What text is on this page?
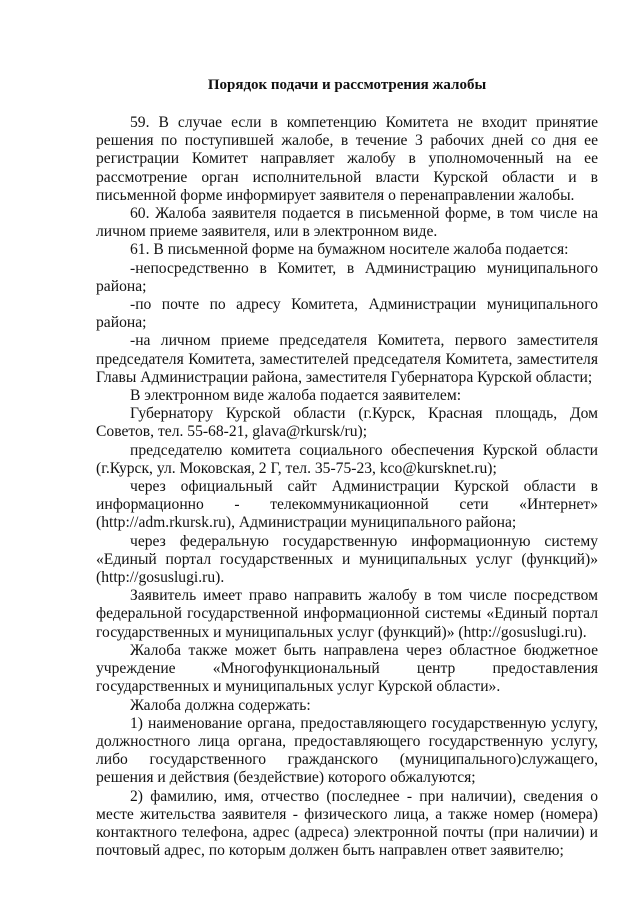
Порядок подачи и рассмотрения жалобы

59. В случае если в компетенцию Комитета не входит принятие решения по поступившей жалобе, в течение 3 рабочих дней со дня ее регистрации Комитет направляет жалобу в уполномоченный на ее рассмотрение орган исполнительной власти Курской области и в письменной форме информирует заявителя о перенаправлении жалобы.

60. Жалоба заявителя подается в письменной форме, в том числе на личном приеме заявителя, или в электронном виде.

61. В письменной форме на бумажном носителе жалоба подается:

-непосредственно в Комитет, в Администрацию муниципального района;

-по почте по адресу Комитета, Администрации муниципального района;

-на личном приеме председателя Комитета, первого заместителя председателя Комитета, заместителей председателя Комитета, заместителя Главы Администрации района, заместителя Губернатора Курской области;

В электронном виде жалоба подается заявителем:

Губернатору Курской области (г.Курск, Красная площадь, Дом Советов, тел. 55-68-21, glava@rkursk/ru);

председателю комитета социального обеспечения Курской области (г.Курск, ул. Моковская, 2 Г, тел. 35-75-23, kco@kursknet.ru);

через официальный сайт Администрации Курской области в информационно - телекоммуникационной сети «Интернет» (http://adm.rkursk.ru), Администрации муниципального района;

через федеральную государственную информационную систему «Единый портал государственных и муниципальных услуг (функций)» (http://gosuslugi.ru).

Заявитель имеет право направить жалобу в том числе посредством федеральной государственной информационной системы «Единый портал государственных и муниципальных услуг (функций)» (http://gosuslugi.ru).

Жалоба также может быть направлена через областное бюджетное учреждение «Многофункциональный центр предоставления государственных и муниципальных услуг Курской области».

Жалоба должна содержать:

1) наименование органа, предоставляющего государственную услугу, должностного лица органа, предоставляющего государственную услугу, либо государственного гражданского (муниципального)служащего, решения и действия (бездействие) которого обжалуются;

2) фамилию, имя, отчество (последнее - при наличии), сведения о месте жительства заявителя - физического лица, а также номер (номера) контактного телефона, адрес (адреса) электронной почты (при наличии) и почтовый адрес, по которым должен быть направлен ответ заявителю;
